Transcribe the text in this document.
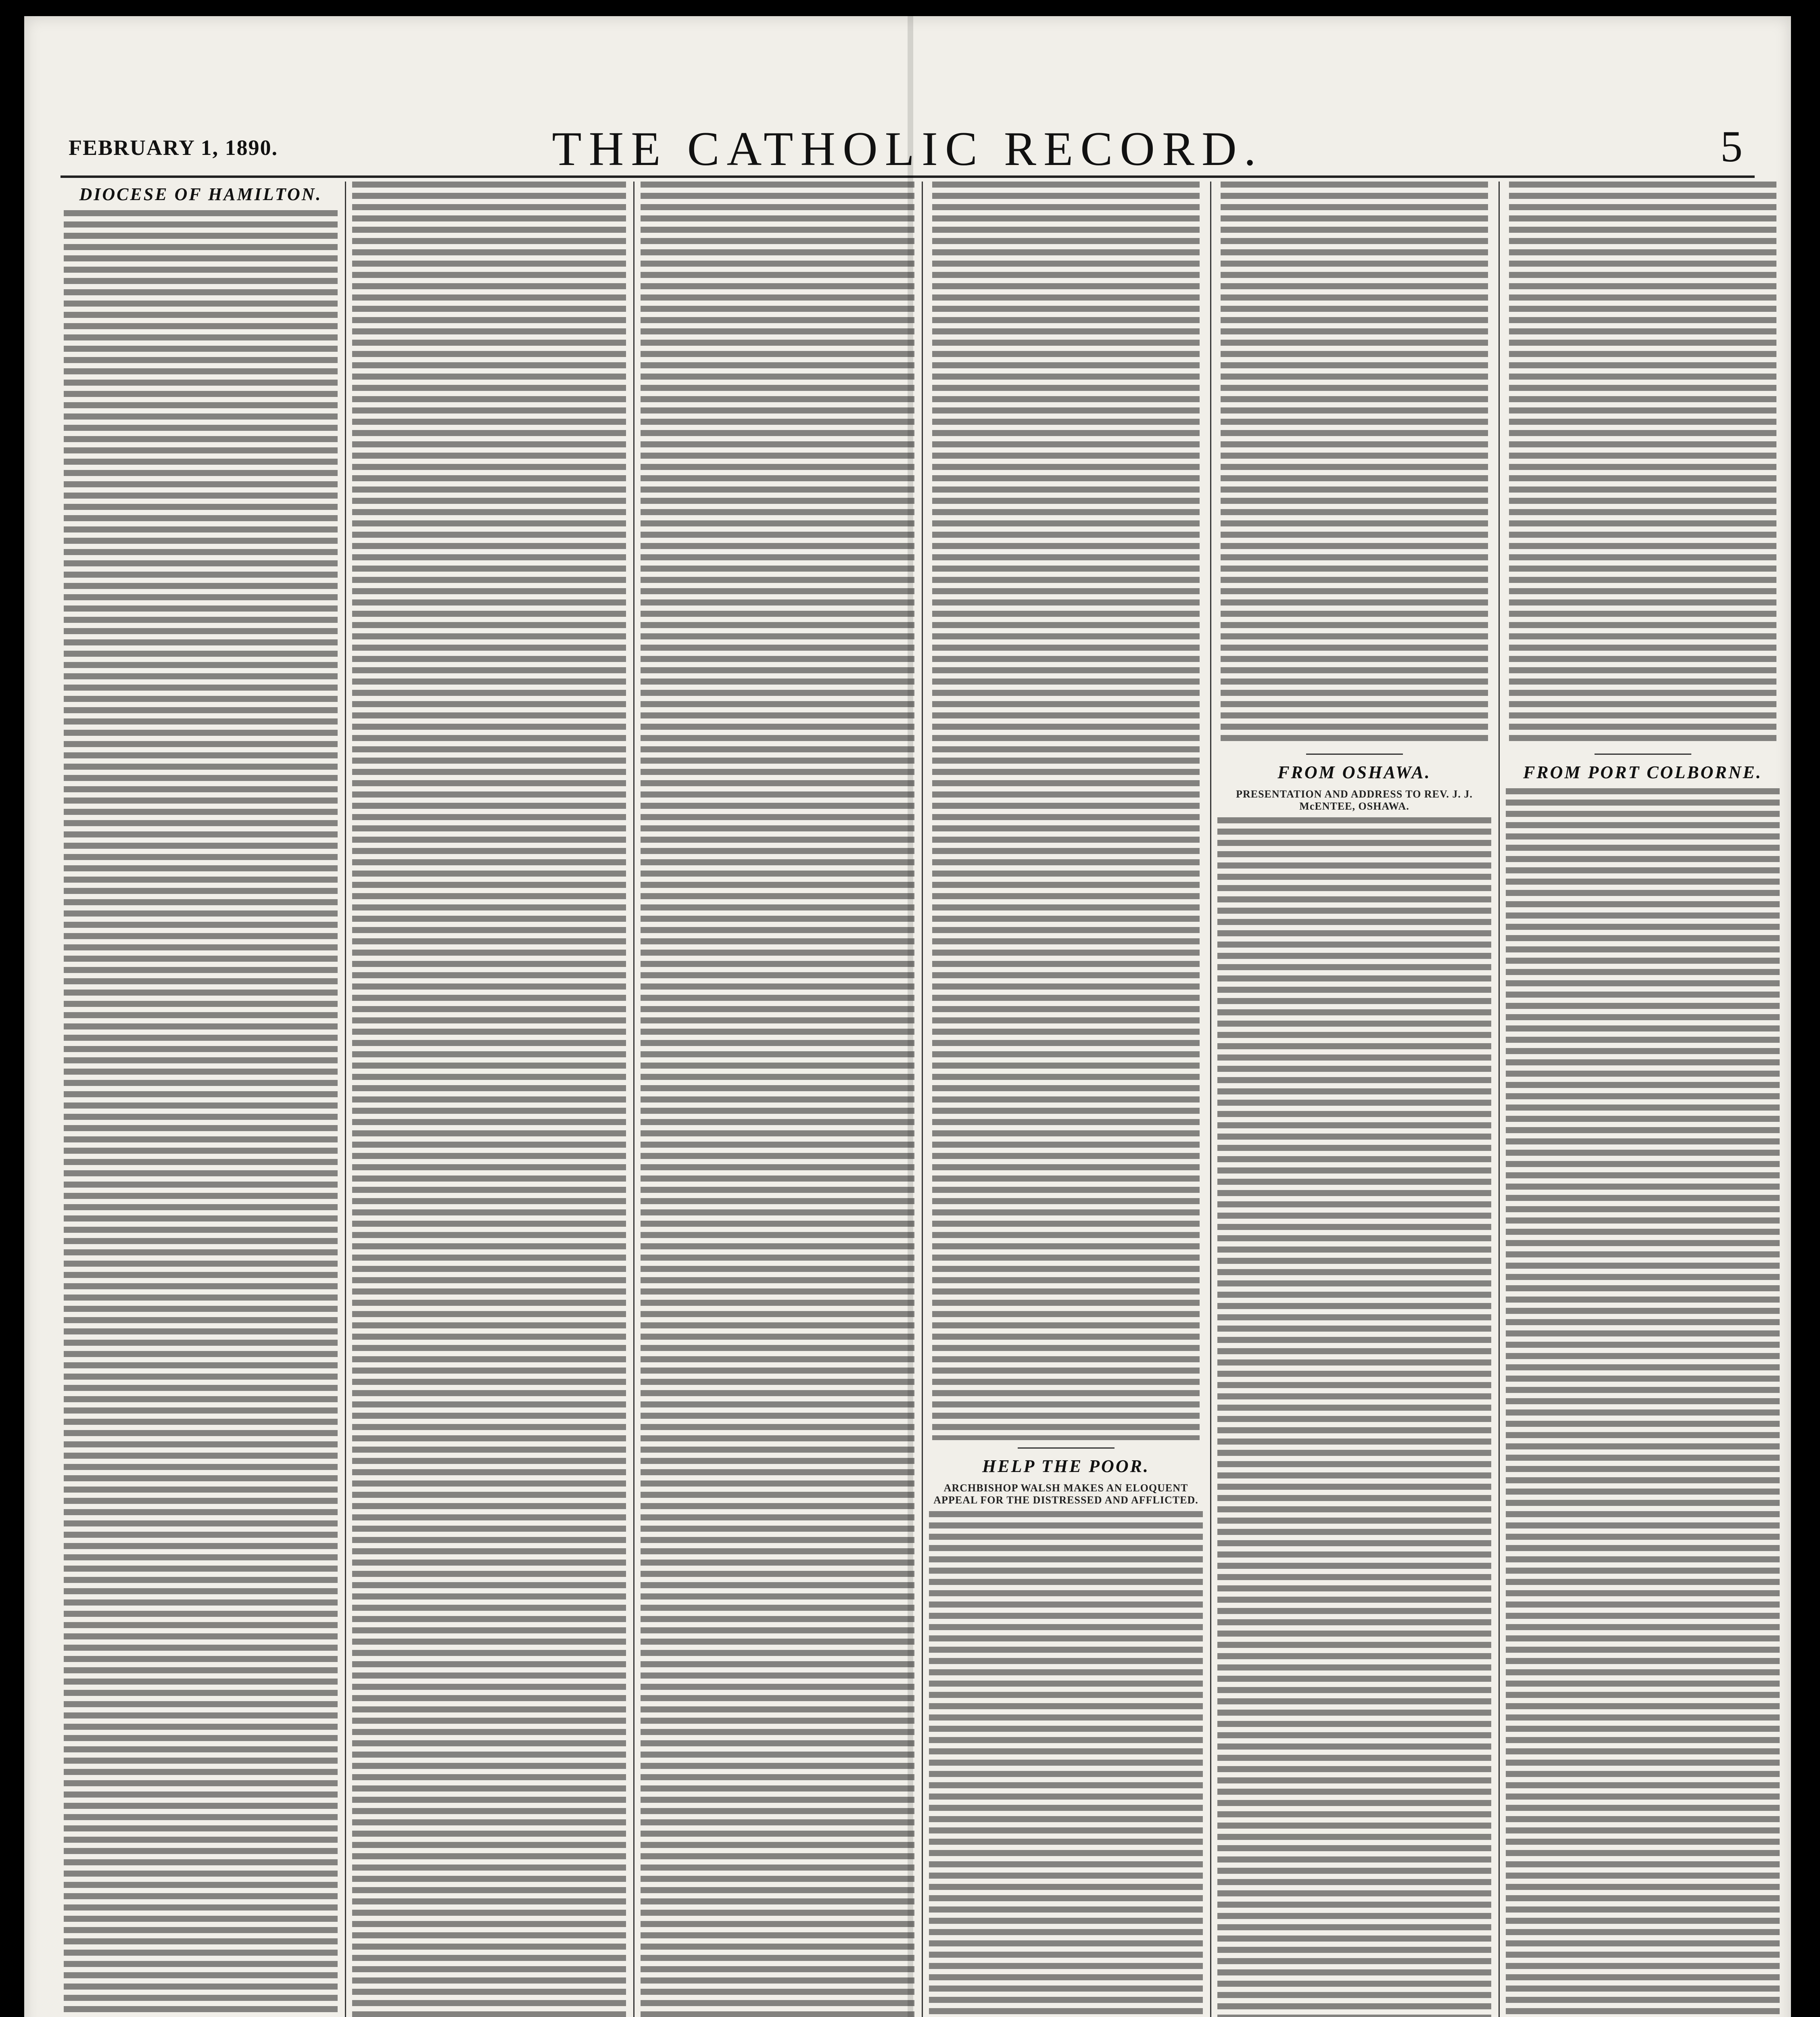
FEBRUARY 1, 1890.	THE CATHOLIC RECORD.	5
DIOCESE OF HAMILTON.
HELP THE POOR.
ARCHBISHOP WALSH MAKES AN ELOQUENT APPEAL FOR THE DISTRESSED AND AFFLICTED.
FROM OSHAWA.
PRESENTATION AND ADDRESS TO REV. J. J. McENTEE, OSHAWA.
FROM PORT COLBORNE.
